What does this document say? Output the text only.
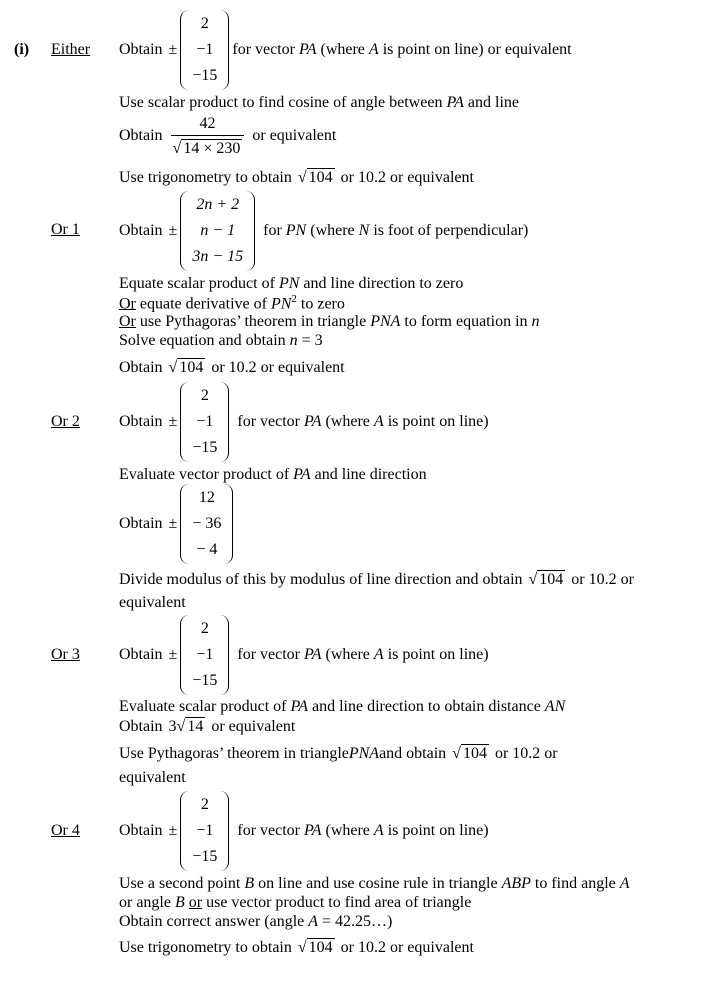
(i) Either
Or 1
Or 2
Or 3
Or 4
Obtain ±
2
−1
−15
for vector PA (where A is point on line) or equivalent
Use scalar product to find cosine of angle between PA and line
Obtain $\frac{42}{√ 14 \times 230}$ or equivalent
Use trigonometry to obtain √ 104 or 10.2 or equivalent
Obtain ±
2n + 2
n − 1
3n − 15
for PN (where N is foot of perpendicular)
Equate scalar product of PN and line direction to zero
Or equate derivative of $PN^2$ to zero
Or use Pythagoras’ theorem in triangle PNA to form equation in n
Solve equation and obtain n = 3
Obtain √ 104 or 10.2 or equivalent
Obtain ±
2
−1
−15
for vector PA (where A is point on line)
Evaluate vector product of PA and line direction
Obtain ±
12
− 36
− 4
Divide modulus of this by modulus of line direction and obtain √ 104 or 10.2 or
equivalent
Obtain ±
2
−1
−15
for vector PA (where A is point on line)
Evaluate scalar product of PA and line direction to obtain distance AN
Obtain 3 √ 14 or equivalent
Use Pythagoras’ theorem in triangle PNA and obtain √ 104 or 10.2 or
equivalent
Obtain ±
2
−1
−15
for vector PA (where A is point on line)
Use a second point B on line and use cosine rule in triangle ABP to find angle A
or angle B or use vector product to find area of triangle
Obtain correct answer (angle A = 42.25…)
Use trigonometry to obtain √ 104 or 10.2 or equivalent
